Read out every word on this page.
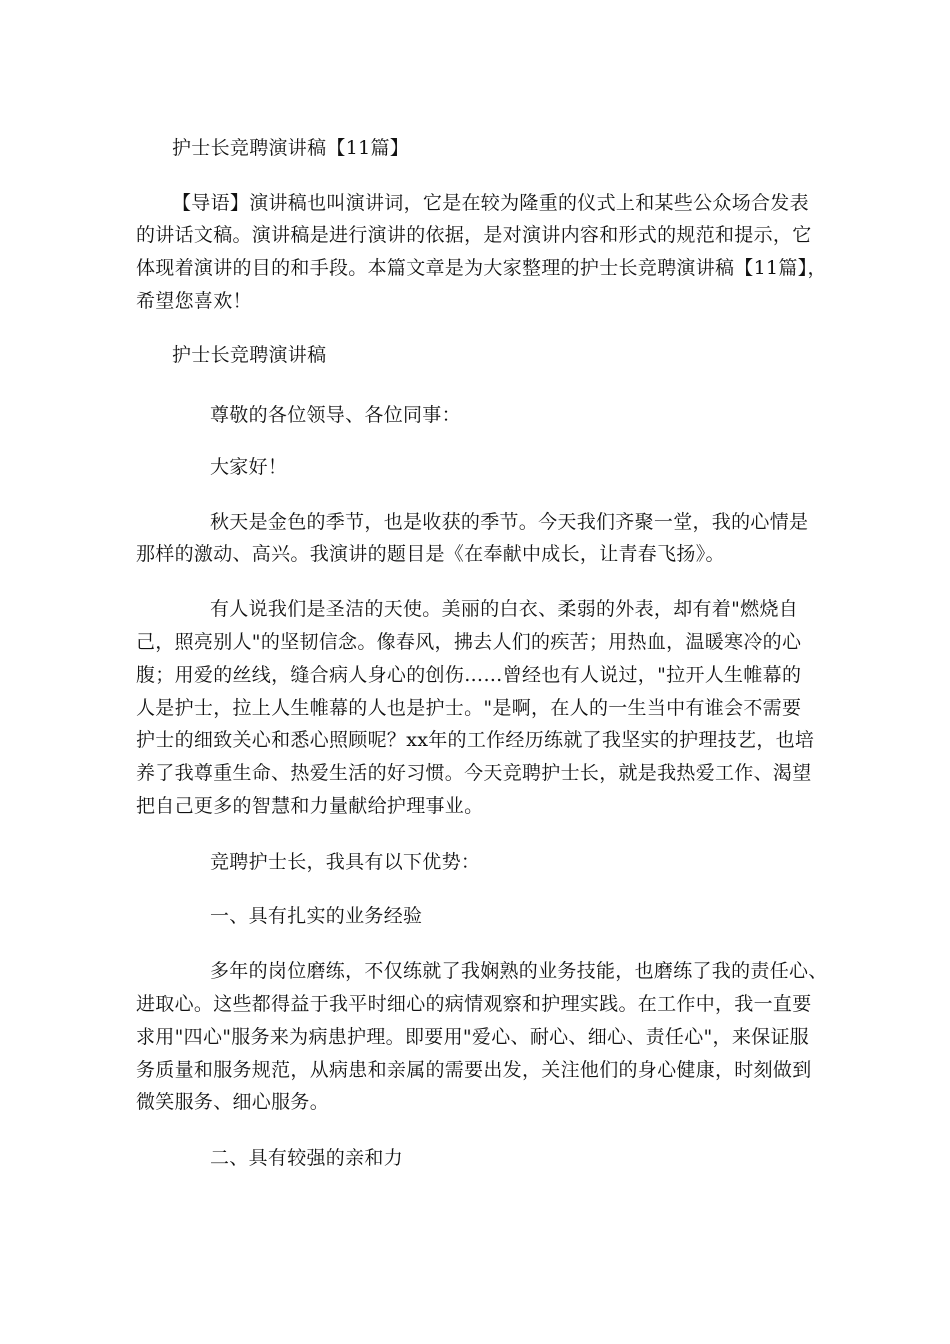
护士长竞聘演讲稿【11篇】
【导语】演讲稿也叫演讲词，它是在较为隆重的仪式上和某些公众场合发表
的讲话文稿。演讲稿是进行演讲的依据，是对演讲内容和形式的规范和提示，它
体现着演讲的目的和手段。本篇文章是为大家整理的护士长竞聘演讲稿【11篇】，
希望您喜欢！
护士长竞聘演讲稿
尊敬的各位领导、各位同事：
大家好！
秋天是金色的季节，也是收获的季节。今天我们齐聚一堂，我的心情是
那样的激动、高兴。我演讲的题目是《在奉献中成长，让青春飞扬》。
有人说我们是圣洁的天使。美丽的白衣、柔弱的外表，却有着"燃烧自
己，照亮别人"的坚韧信念。像春风，拂去人们的疾苦；用热血，温暖寒冷的心
腹；用爱的丝线，缝合病人身心的创伤……曾经也有人说过，"拉开人生帷幕的
人是护士，拉上人生帷幕的人也是护士。"是啊，在人的一生当中有谁会不需要
护士的细致关心和悉心照顾呢？xx年的工作经历练就了我坚实的护理技艺，也培
养了我尊重生命、热爱生活的好习惯。今天竞聘护士长，就是我热爱工作、渴望
把自己更多的智慧和力量献给护理事业。
竞聘护士长，我具有以下优势：
一、具有扎实的业务经验
多年的岗位磨练，不仅练就了我娴熟的业务技能，也磨练了我的责任心、
进取心。这些都得益于我平时细心的病情观察和护理实践。在工作中，我一直要
求用"四心"服务来为病患护理。即要用"爱心、耐心、细心、责任心"，来保证服
务质量和服务规范，从病患和亲属的需要出发，关注他们的身心健康，时刻做到
微笑服务、细心服务。
二、具有较强的亲和力
